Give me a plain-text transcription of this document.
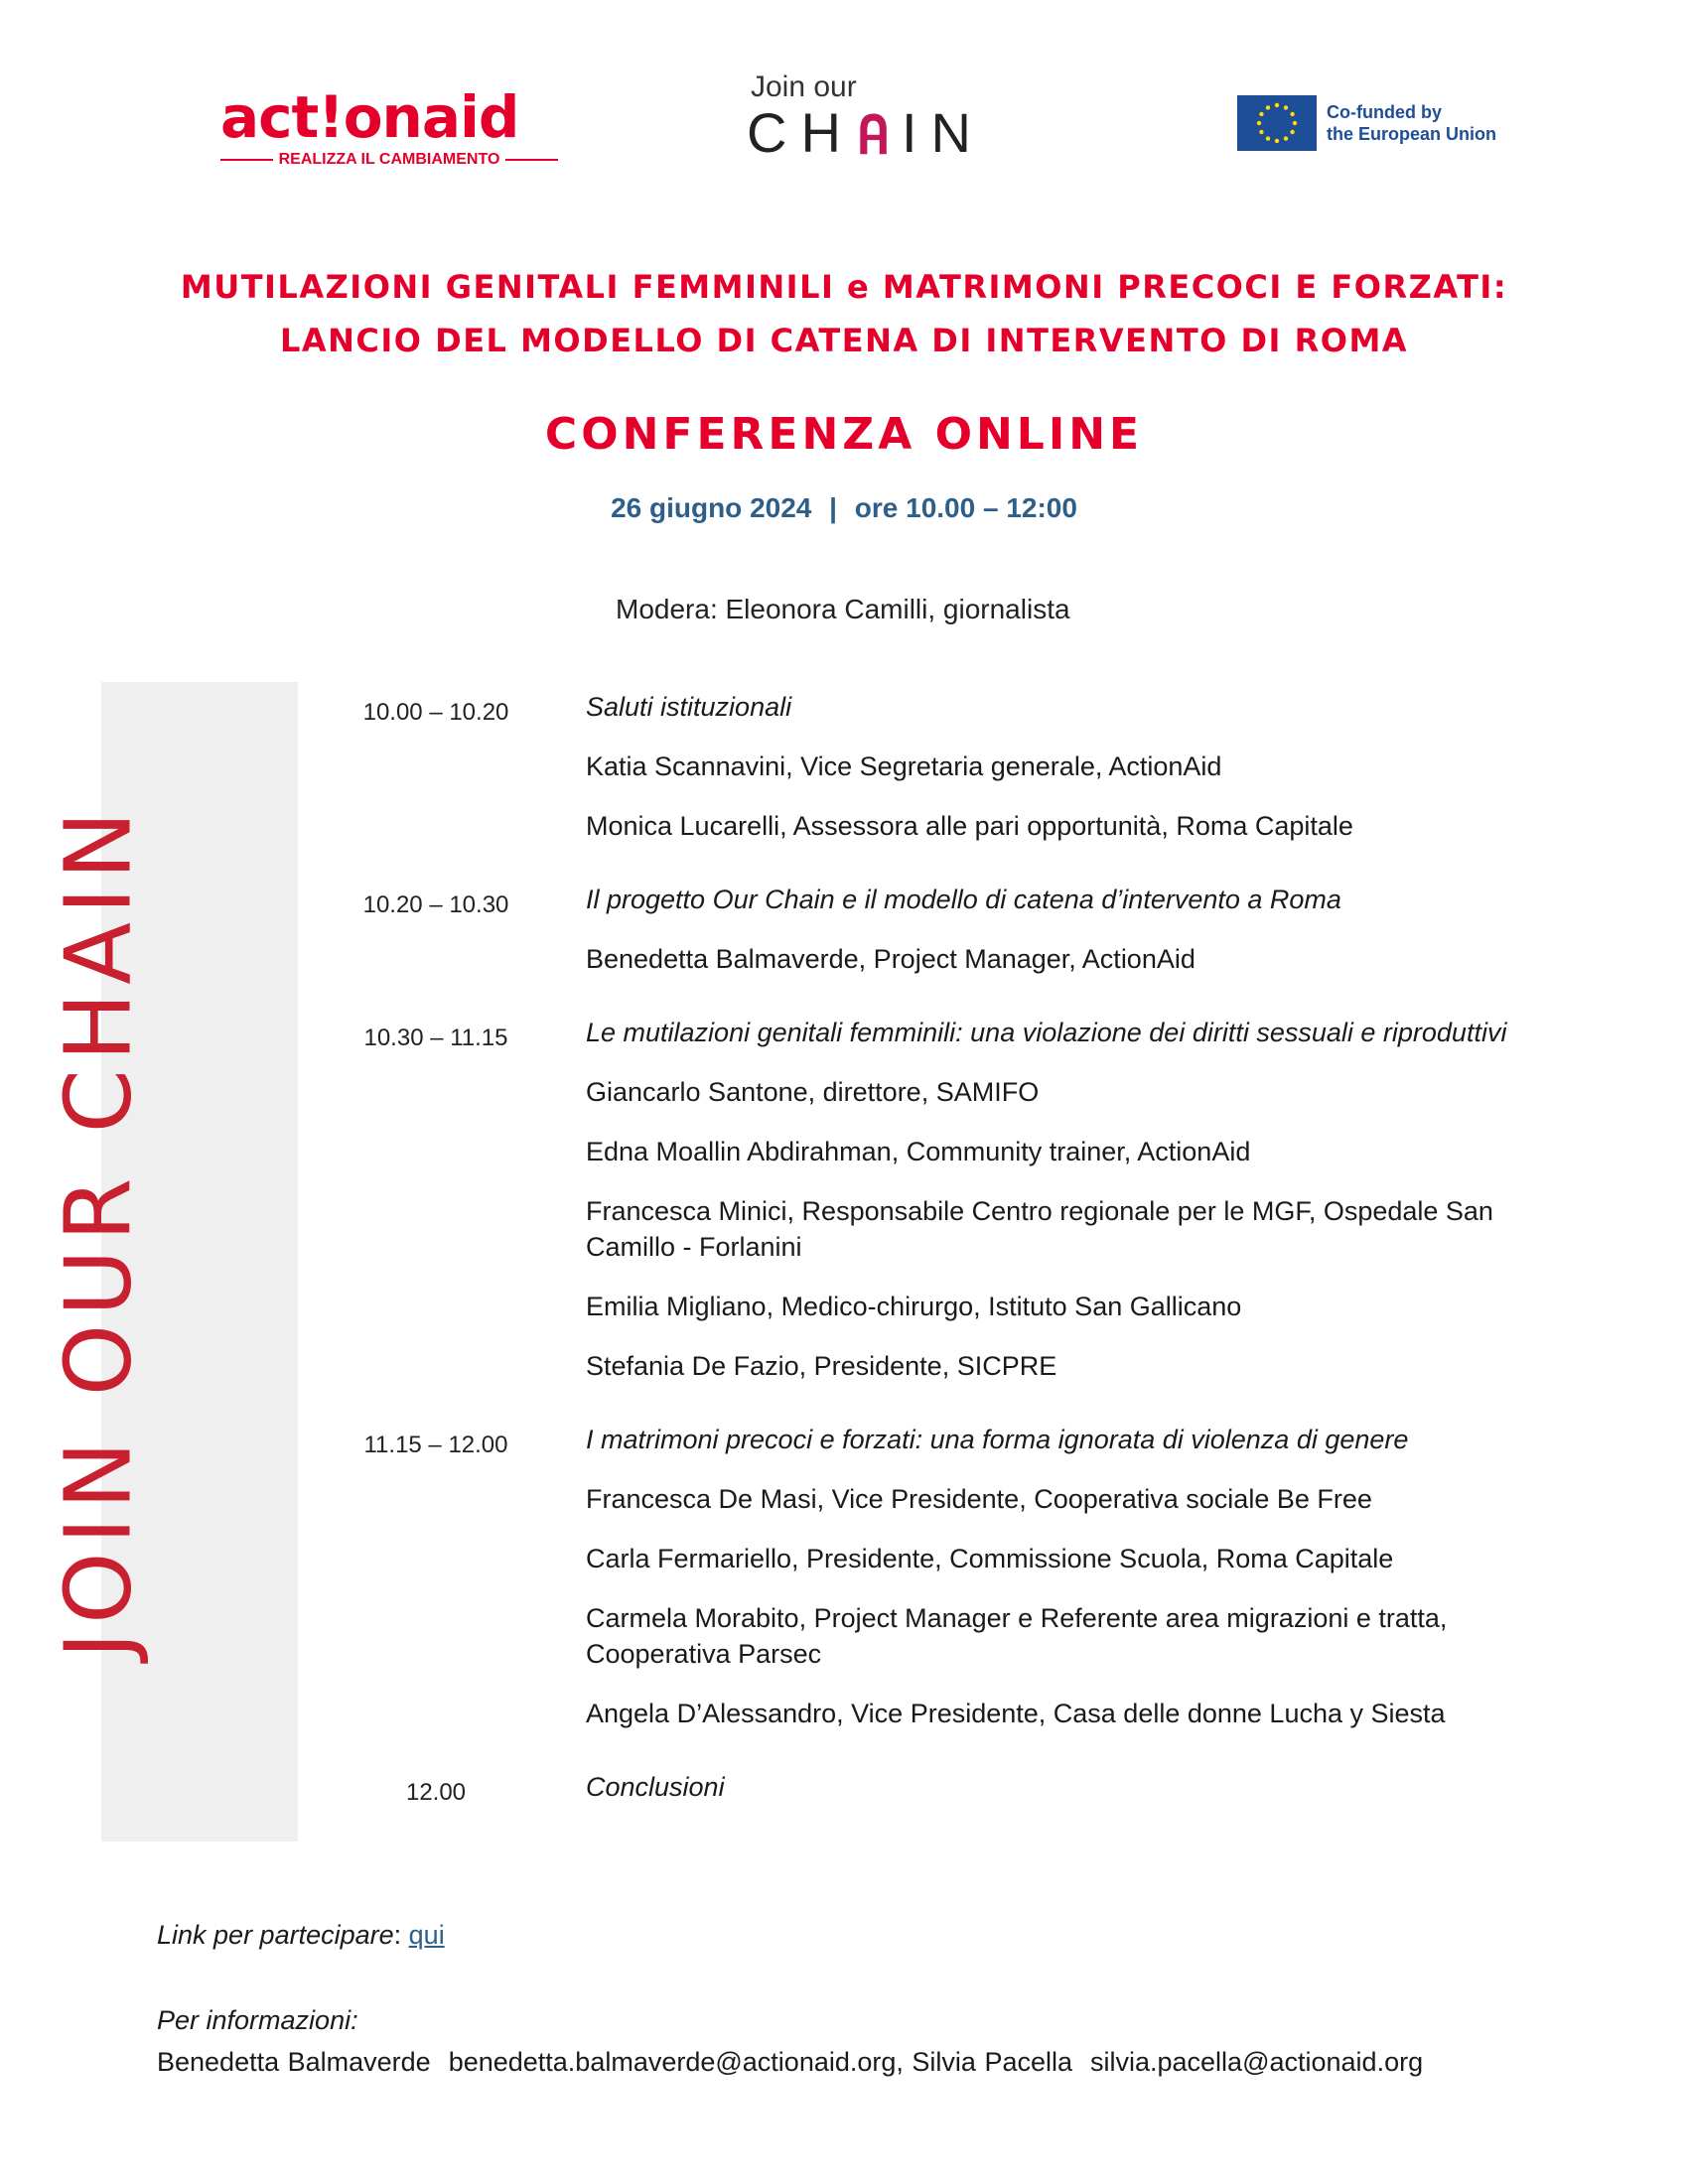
act!onaid
REALIZZA IL CAMBIAMENTO
Join our
CH IN	Co-funded by
the European Union
MUTILAZIONI GENITALI FEMMINILI e MATRIMONI PRECOCI E FORZATI:
LANCIO DEL MODELLO DI CATENA DI INTERVENTO DI ROMA
CONFERENZA ONLINE
26 giugno 2024 | ore 10.00 – 12:00
Modera: Eleonora Camilli, giornalista
JOIN OUR CHAIN
10.00 – 10.20	Saluti istituzionali
Katia Scannavini, Vice Segretaria generale, ActionAid
Monica Lucarelli, Assessora alle pari opportunità, Roma Capitale
10.20 – 10.30	Il progetto Our Chain e il modello di catena d’intervento a Roma
Benedetta Balmaverde, Project Manager, ActionAid
10.30 – 11.15	Le mutilazioni genitali femminili: una violazione dei diritti sessuali e riproduttivi
Giancarlo Santone, direttore, SAMIFO
Edna Moallin Abdirahman, Community trainer, ActionAid
Francesca Minici, Responsabile Centro regionale per le MGF, Ospedale San Camillo - Forlanini
Emilia Migliano, Medico-chirurgo, Istituto San Gallicano
Stefania De Fazio, Presidente, SICPRE
11.15 – 12.00	I matrimoni precoci e forzati: una forma ignorata di violenza di genere
Francesca De Masi, Vice Presidente, Cooperativa sociale Be Free
Carla Fermariello, Presidente, Commissione Scuola, Roma Capitale
Carmela Morabito, Project Manager e Referente area migrazioni e tratta, Cooperativa Parsec
Angela D’Alessandro, Vice Presidente, Casa delle donne Lucha y Siesta
12.00	Conclusioni
Link per partecipare: qui
Per informazioni:
Benedetta Balmaverde benedetta.balmaverde@actionaid.org, Silvia Pacella silvia.pacella@actionaid.org
